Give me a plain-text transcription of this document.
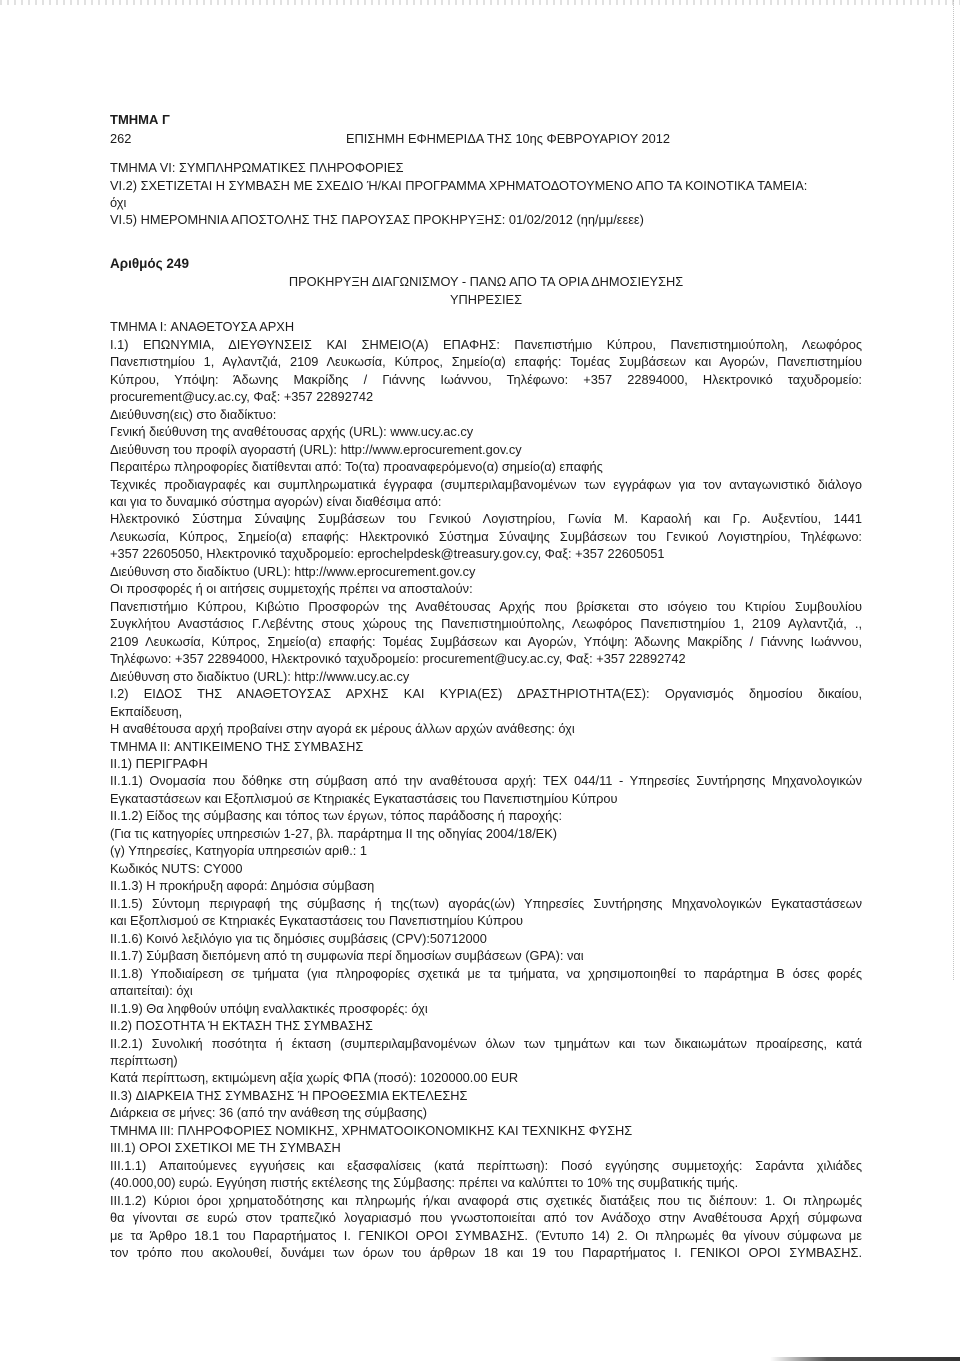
ΤΜΗΜΑ Γ
262	ΕΠΙΣΗΜΗ ΕΦΗΜΕΡΙΔΑ ΤΗΣ 10ης ΦΕΒΡΟΥΑΡΙΟΥ 2012
ΤΜΗΜΑ VI: ΣΥΜΠΛΗΡΩΜΑΤΙΚΕΣ ΠΛΗΡΟΦΟΡΙΕΣ
VI.2) ΣΧΕΤΙΖΕΤΑΙ Η ΣΥΜΒΑΣΗ ΜΕ ΣΧΕΔΙΟ Ή/ΚΑΙ ΠΡΟΓΡΑΜΜΑ ΧΡΗΜΑΤΟΔΟΤΟΥΜΕΝΟ ΑΠΟ ΤΑ ΚΟΙΝΟΤΙΚΑ ΤΑΜΕΙΑ:
όχι
VI.5) ΗΜΕΡΟΜΗΝΙΑ ΑΠΟΣΤΟΛΗΣ ΤΗΣ ΠΑΡΟΥΣΑΣ ΠΡΟΚΗΡΥΞΗΣ: 01/02/2012 (ηη/μμ/εεεε)
Αριθμός 249
ΠΡΟΚΗΡΥΞΗ ΔΙΑΓΩΝΙΣΜΟΥ - ΠΑΝΩ ΑΠΟ ΤΑ ΟΡΙΑ ΔΗΜΟΣΙΕΥΣΗΣ
ΥΠΗΡΕΣΙΕΣ
ΤΜΗΜΑ I: ΑΝΑΘΕΤΟΥΣΑ ΑΡΧΗ
I.1) ΕΠΩΝΥΜΙΑ, ΔΙΕΥΘΥΝΣΕΙΣ ΚΑΙ ΣΗΜΕΙΟ(Α) ΕΠΑΦΗΣ: Πανεπιστήμιο Κύπρου, Πανεπιστημιούπολη, Λεωφόρος
Πανεπιστημίου 1, Αγλαντζιά, 2109 Λευκωσία, Κύπρος, Σημείο(α) επαφής: Τομέας Συμβάσεων και Αγορών, Πανεπιστημίου
Κύπρου, Υπόψη: Άδωνης Μακρίδης / Γιάννης Ιωάννου, Τηλέφωνο: +357 22894000, Ηλεκτρονικό ταχυδρομείο:
procurement@ucy.ac.cy, Φαξ: +357 22892742
Διεύθυνση(εις) στο διαδίκτυο:
Γενική διεύθυνση της αναθέτουσας αρχής (URL): www.ucy.ac.cy
Διεύθυνση του προφίλ αγοραστή (URL): http://www.eprocurement.gov.cy
Περαιτέρω πληροφορίες διατίθενται από: Το(τα) προαναφερόμενο(α) σημείο(α) επαφής
Τεχνικές προδιαγραφές και συμπληρωματικά έγγραφα (συμπεριλαμβανομένων των εγγράφων για τον ανταγωνιστικό διάλογο
και για το δυναμικό σύστημα αγορών) είναι διαθέσιμα από:
Ηλεκτρονικό Σύστημα Σύναψης Συμβάσεων του Γενικού Λογιστηρίου, Γωνία Μ. Καραολή και Γρ. Αυξεντίου, 1441
Λευκωσία, Κύπρος, Σημείο(α) επαφής: Ηλεκτρονικό Σύστημα Σύναψης Συμβάσεων του Γενικού Λογιστηρίου, Τηλέφωνο:
+357 22605050, Ηλεκτρονικό ταχυδρομείο: eprochelpdesk@treasury.gov.cy, Φαξ: +357 22605051
Διεύθυνση στο διαδίκτυο (URL): http://www.eprocurement.gov.cy
Οι προσφορές ή οι αιτήσεις συμμετοχής πρέπει να αποσταλούν:
Πανεπιστήμιο Κύπρου, Κιβώτιο Προσφορών της Αναθέτουσας Αρχής που βρίσκεται στο ισόγειο του Κτιρίου Συμβουλίου
Συγκλήτου Αναστάσιος Γ.Λεβέντης στους χώρους της Πανεπιστημιούπολης, Λεωφόρος Πανεπιστημίου 1, 2109 Αγλαντζιά, .,
2109 Λευκωσία, Κύπρος, Σημείο(α) επαφής: Τομέας Συμβάσεων και Αγορών, Υπόψη: Άδωνης Μακρίδης / Γιάννης Ιωάννου,
Τηλέφωνο: +357 22894000, Ηλεκτρονικό ταχυδρομείο: procurement@ucy.ac.cy, Φαξ: +357 22892742
Διεύθυνση στο διαδίκτυο (URL): http://www.ucy.ac.cy
I.2) ΕΙΔΟΣ ΤΗΣ ΑΝΑΘΕΤΟΥΣΑΣ ΑΡΧΗΣ ΚΑΙ ΚΥΡΙΑ(ΕΣ) ΔΡΑΣΤΗΡΙΟΤΗΤΑ(ΕΣ): Οργανισμός δημοσίου δικαίου,
Εκπαίδευση,
Η αναθέτουσα αρχή προβαίνει στην αγορά εκ μέρους άλλων αρχών ανάθεσης: όχι
ΤΜΗΜΑ II: ΑΝΤΙΚΕΙΜΕΝΟ ΤΗΣ ΣΥΜΒΑΣΗΣ
II.1) ΠΕΡΙΓΡΑΦΗ
II.1.1) Ονομασία που δόθηκε στη σύμβαση από την αναθέτουσα αρχή: ΤΕΧ 044/11 - Υπηρεσίες Συντήρησης Μηχανολογικών
Εγκαταστάσεων και Εξοπλισμού σε Κτηριακές Εγκαταστάσεις του Πανεπιστημίου Κύπρου
II.1.2) Είδος της σύμβασης και τόπος των έργων, τόπος παράδοσης ή παροχής:
(Για τις κατηγορίες υπηρεσιών 1-27, βλ. παράρτημα II της οδηγίας 2004/18/ΕΚ)
(γ) Υπηρεσίες, Κατηγορία υπηρεσιών αριθ.: 1
Κωδικός NUTS: CY000
II.1.3) Η προκήρυξη αφορά: Δημόσια σύμβαση
II.1.5) Σύντομη περιγραφή της σύμβασης ή της(των) αγοράς(ών) Υπηρεσίες Συντήρησης Μηχανολογικών Εγκαταστάσεων
και Εξοπλισμού σε Κτηριακές Εγκαταστάσεις του Πανεπιστημίου Κύπρου
II.1.6) Κοινό λεξιλόγιο για τις δημόσιες συμβάσεις (CPV):50712000
II.1.7) Σύμβαση διεπόμενη από τη συμφωνία περί δημοσίων συμβάσεων (GPA): ναι
II.1.8) Υποδιαίρεση σε τμήματα (για πληροφορίες σχετικά με τα τμήματα, να χρησιμοποιηθεί το παράρτημα Β όσες φορές
απαιτείται): όχι
II.1.9) Θα ληφθούν υπόψη εναλλακτικές προσφορές: όχι
II.2) ΠΟΣΟΤΗΤΑ Ή ΕΚΤΑΣΗ ΤΗΣ ΣΥΜΒΑΣΗΣ
II.2.1) Συνολική ποσότητα ή έκταση (συμπεριλαμβανομένων όλων των τμημάτων και των δικαιωμάτων προαίρεσης, κατά
περίπτωση)
Κατά περίπτωση, εκτιμώμενη αξία χωρίς ΦΠΑ (ποσό): 1020000.00 EUR
II.3) ΔΙΑΡΚΕΙΑ ΤΗΣ ΣΥΜΒΑΣΗΣ Ή ΠΡΟΘΕΣΜΙΑ ΕΚΤΕΛΕΣΗΣ
Διάρκεια σε μήνες: 36 (από την ανάθεση της σύμβασης)
ΤΜΗΜΑ III: ΠΛΗΡΟΦΟΡΙΕΣ ΝΟΜΙΚΗΣ, ΧΡΗΜΑΤΟΟΙΚΟΝΟΜΙΚΗΣ ΚΑΙ ΤΕΧΝΙΚΗΣ ΦΥΣΗΣ
III.1) ΟΡΟΙ ΣΧΕΤΙΚΟΙ ΜΕ ΤΗ ΣΥΜΒΑΣΗ
III.1.1) Απαιτούμενες εγγυήσεις και εξασφαλίσεις (κατά περίπτωση): Ποσό εγγύησης συμμετοχής: Σαράντα χιλιάδες
(40.000,00) ευρώ. Εγγύηση πιστής εκτέλεσης της Σύμβασης: πρέπει να καλύπτει το 10% της συμβατικής τιμής.
III.1.2) Κύριοι όροι χρηματοδότησης και πληρωμής ή/και αναφορά στις σχετικές διατάξεις που τις διέπουν: 1. Οι πληρωμές
θα γίνονται σε ευρώ στον τραπεζικό λογαριασμό που γνωστοποιείται από τον Ανάδοχο στην Αναθέτουσα Αρχή σύμφωνα
με τα Άρθρο 18.1 του Παραρτήματος I. ΓΕΝΙΚΟΙ ΟΡΟΙ ΣΥΜΒΑΣΗΣ. (Έντυπο 14) 2. Οι πληρωμές θα γίνουν σύμφωνα με
τον τρόπο που ακολουθεί, δυνάμει των όρων του άρθρων 18 και 19 του Παραρτήματος I. ΓΕΝΙΚΟΙ ΟΡΟΙ ΣΥΜΒΑΣΗΣ.
